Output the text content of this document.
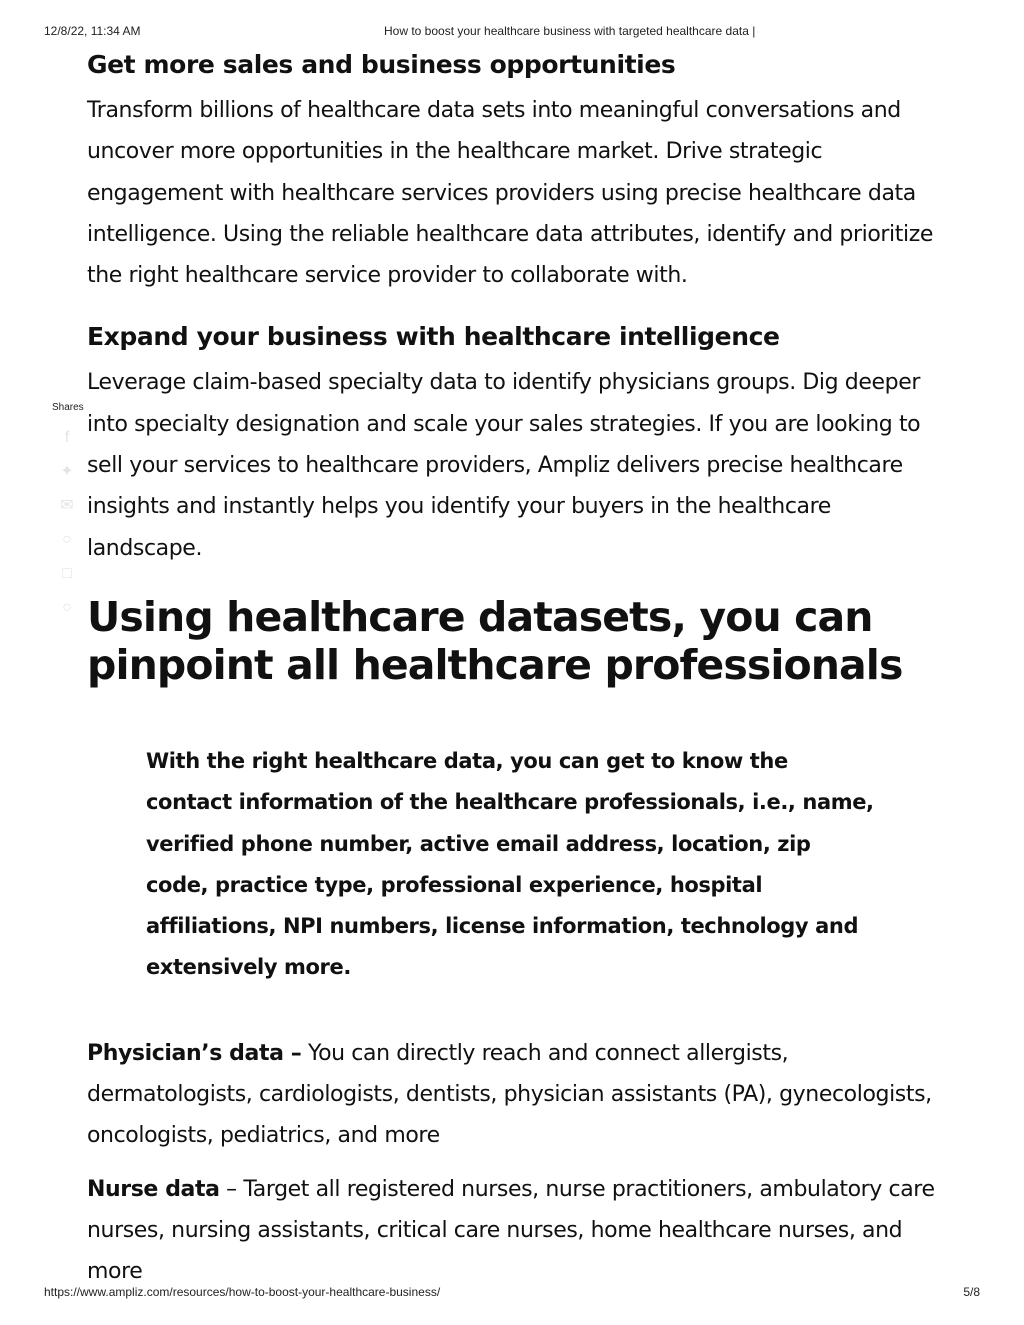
12/8/22, 11:34 AM	How to boost your healthcare business with targeted healthcare data |
Shares
f
✦
✉
○
□
○
Get more sales and business opportunities

Transform billions of healthcare data sets into meaningful conversations and uncover more opportunities in the healthcare market. Drive strategic engagement with healthcare services providers using precise healthcare data intelligence. Using the reliable healthcare data attributes, identify and prioritize the right healthcare service provider to collaborate with.

Expand your business with healthcare intelligence

Leverage claim-based specialty data to identify physicians groups. Dig deeper into specialty designation and scale your sales strategies. If you are looking to sell your services to healthcare providers, Ampliz delivers precise healthcare insights and instantly helps you identify your buyers in the healthcare landscape.

Using healthcare datasets, you can pinpoint all healthcare professionals

With the right healthcare data, you can get to know the contact information of the healthcare professionals, i.e., name, verified phone number, active email address, location, zip code, practice type, professional experience, hospital affiliations, NPI numbers, license information, technology and extensively more.

Physician’s data – You can directly reach and connect allergists, dermatologists, cardiologists, dentists, physician assistants (PA), gynecologists, oncologists, pediatrics, and more

Nurse data – Target all registered nurses, nurse practitioners, ambulatory care nurses, nursing assistants, critical care nurses, home healthcare nurses, and more

https://www.ampliz.com/resources/how-to-boost-your-healthcare-business/	5/8
